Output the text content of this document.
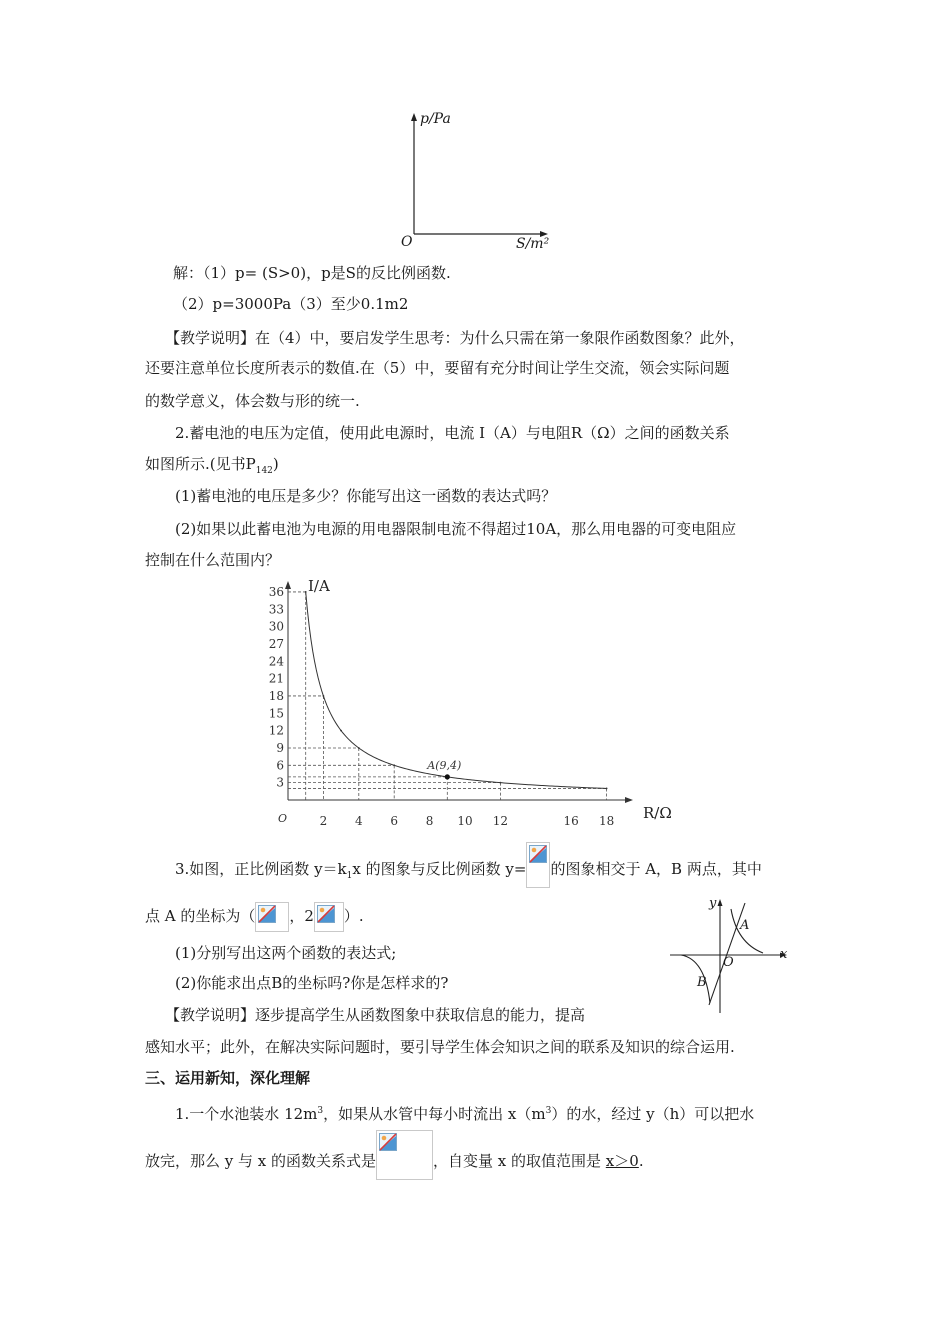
p/Pa
O	S/m²
解：（1）p= (S>0)，p是S的反比例函数.
（2）p=3000Pa（3）至少0.1m2
【教学说明】在（4）中，要启发学生思考：为什么只需在第一象限作函数图象？此外，
还要注意单位长度所表示的数值.在（5）中，要留有充分时间让学生交流，领会实际问题
的数学意义，体会数与形的统一.
2.蓄电池的电压为定值，使用此电源时，电流 I（A）与电阻R（Ω）之间的函数关系
如图所示.(见书$P_{142}$)
(1)蓄电池的电压是多少？你能写出这一函数的表达式吗？
(2)如果以此蓄电池为电源的用电器限制电流不得超过10A，那么用电器的可变电阻应
控制在什么范围内？
A(9,4)
3
6
9
12
15
18
21
24
27
30
33
36
2 4 6 8 10 12	16 18
O
I/A
R/Ω
3.如图，正比例函数 $y=k_1x$ 的图象与反比例函数 y= 的图象相交于 A，B 两点，其中
点 A 的坐标为（ ，2 ）.
(1)分别写出这两个函数的表达式;
(2)你能求出点B的坐标吗?你是怎样求的?
y
x
O
A
B
【教学说明】逐步提高学生从函数图象中获取信息的能力，提高
感知水平；此外，在解决实际问题时，要引导学生体会知识之间的联系及知识的综合运用.
三、运用新知，深化理解
1.一个水池装水 $12m^3$，如果从水管中每小时流出 $x(m^3)$的水，经过 y（h）可以把水
放完，那么 y 与 x 的函数关系式是	，自变量 x 的取值范围是 x＞0.
